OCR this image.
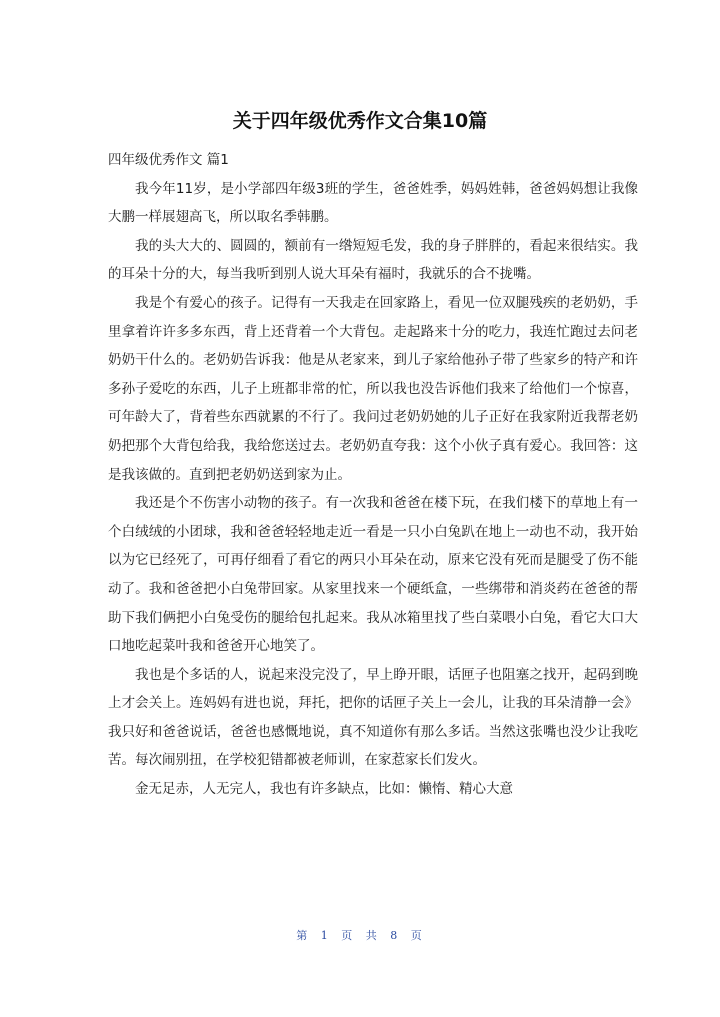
关于四年级优秀作文合集10篇

四年级优秀作文 篇1

我今年11岁，是小学部四年级3班的学生，爸爸姓季，妈妈姓韩，爸爸妈妈想让我像大鹏一样展翅高飞，所以取名季韩鹏。

我的头大大的、圆圆的，额前有一绺短短毛发，我的身子胖胖的，看起来很结实。我的耳朵十分的大，每当我听到别人说大耳朵有福时，我就乐的合不拢嘴。

我是个有爱心的孩子。记得有一天我走在回家路上，看见一位双腿残疾的老奶奶，手里拿着许许多多东西，背上还背着一个大背包。走起路来十分的吃力，我连忙跑过去问老奶奶干什么的。老奶奶告诉我：他是从老家来，到儿子家给他孙子带了些家乡的特产和许多孙子爱吃的东西，儿子上班都非常的忙，所以我也没告诉他们我来了给他们一个惊喜，可年龄大了，背着些东西就累的不行了。我问过老奶奶她的儿子正好在我家附近我帮老奶奶把那个大背包给我，我给您送过去。老奶奶直夸我：这个小伙子真有爱心。我回答：这是我该做的。直到把老奶奶送到家为止。

我还是个不伤害小动物的孩子。有一次我和爸爸在楼下玩，在我们楼下的草地上有一个白绒绒的小团球，我和爸爸轻轻地走近一看是一只小白兔趴在地上一动也不动，我开始以为它已经死了，可再仔细看了看它的两只小耳朵在动，原来它没有死而是腿受了伤不能动了。我和爸爸把小白兔带回家。从家里找来一个硬纸盒，一些绑带和消炎药在爸爸的帮助下我们俩把小白兔受伤的腿给包扎起来。我从冰箱里找了些白菜喂小白兔，看它大口大口地吃起菜叶我和爸爸开心地笑了。

我也是个多话的人，说起来没完没了，早上睁开眼，话匣子也阻塞之找开，起码到晚上才会关上。连妈妈有进也说，拜托，把你的话匣子关上一会儿，让我的耳朵清静一会》我只好和爸爸说话，爸爸也感慨地说，真不知道你有那么多话。当然这张嘴也没少让我吃苦。每次闹别扭，在学校犯错都被老师训，在家惹家长们发火。

金无足赤，人无完人，我也有许多缺点，比如：懒惰、精心大意

第 1 页 共 8 页
